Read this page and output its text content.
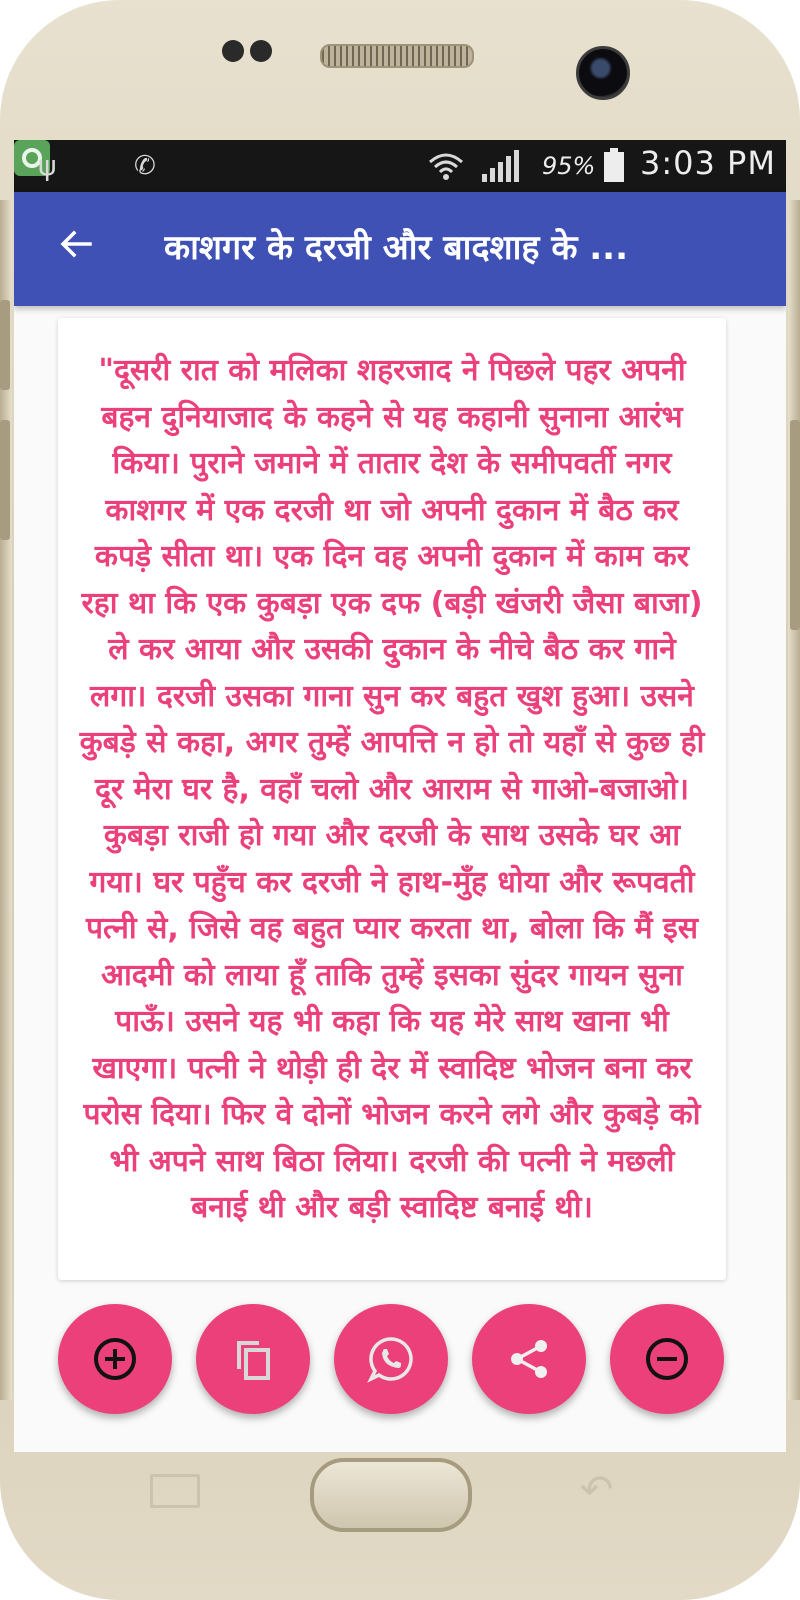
ψ	✆	95% 3:03 PM
काशगर के दरजी और बादशाह के ...

"दूसरी रात को मलिका शहरजाद ने पिछले पहर अपनी बहन दुनियाजाद के कहने से यह कहानी सुनाना आरंभ किया। पुराने जमाने में तातार देश के समीपवर्ती नगर काशगर में एक दरजी था जो अपनी दुकान में बैठ कर कपड़े सीता था। एक दिन वह अपनी दुकान में काम कर रहा था कि एक कुबड़ा एक दफ (बड़ी खंजरी जैसा बाजा) ले कर आया और उसकी दुकान के नीचे बैठ कर गाने लगा। दरजी उसका गाना सुन कर बहुत खुश हुआ। उसने कुबड़े से कहा, अगर तुम्हें आपत्ति न हो तो यहाँ से कुछ ही दूर मेरा घर है, वहाँ चलो और आराम से गाओ-बजाओ। कुबड़ा राजी हो गया और दरजी के साथ उसके घर आ गया। घर पहुँच कर दरजी ने हाथ-मुँह धोया और रूपवती पत्नी से, जिसे वह बहुत प्यार करता था, बोला कि मैं इस आदमी को लाया हूँ ताकि तुम्हें इसका सुंदर गायन सुना पाऊँ। उसने यह भी कहा कि यह मेरे साथ खाना भी खाएगा। पत्नी ने थोड़ी ही देर में स्वादिष्ट भोजन बना कर परोस दिया। फिर वे दोनों भोजन करने लगे और कुबड़े को भी अपने साथ बिठा लिया। दरजी की पत्नी ने मछली बनाई थी और बड़ी स्वादिष्ट बनाई थी।

↶
